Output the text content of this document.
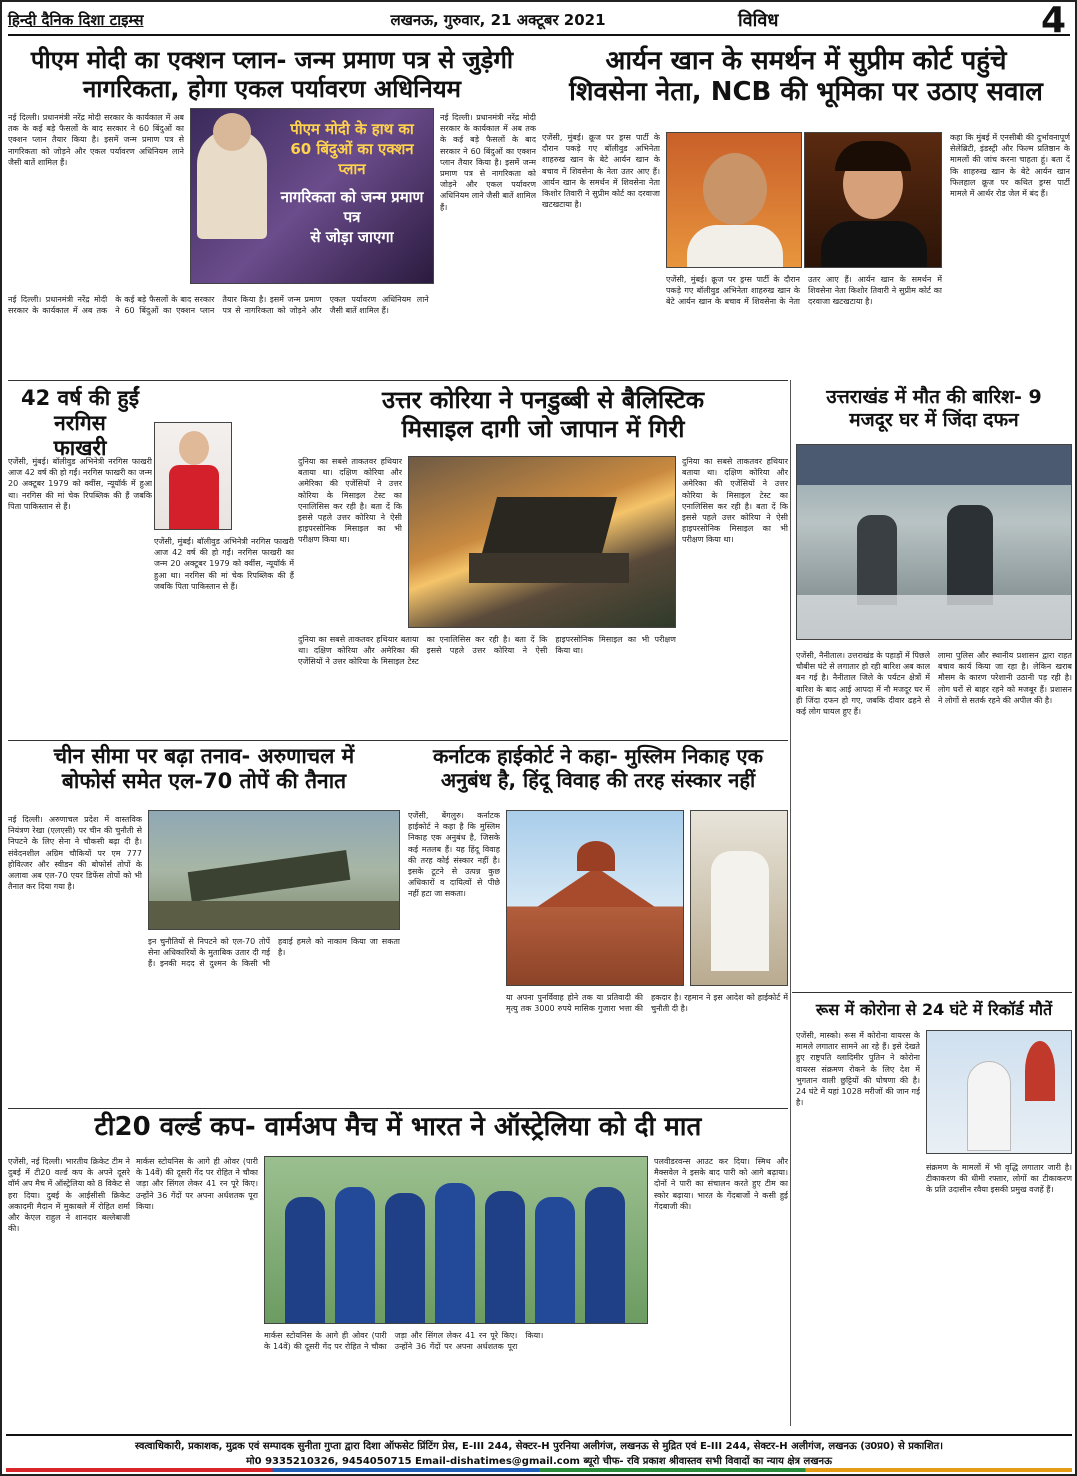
हिन्दी दैनिक दिशा टाइम्स	लखनऊ, गुरुवार, 21 अक्टूबर 2021	विविध	4
पीएम मोदी का एक्शन प्लान- जन्म प्रमाण पत्र से जुड़ेगी
नागरिकता, होगा एकल पर्यावरण अधिनियम
नई दिल्ली। प्रधानमंत्री नरेंद्र मोदी सरकार के कार्यकाल में अब तक के कई बड़े फैसलों के बाद सरकार ने 60 बिंदुओं का एक्शन प्लान तैयार किया है। इसमें जन्म प्रमाण पत्र से नागरिकता को जोड़ने और एकल पर्यावरण अधिनियम लाने जैसी बातें शामिल हैं।
पीएम मोदी के हाथ का
60 बिंदुओं का एक्शन प्लान
नागरिकता को जन्म प्रमाण पत्र
से जोड़ा जाएगा
नई दिल्ली। प्रधानमंत्री नरेंद्र मोदी सरकार के कार्यकाल में अब तक के कई बड़े फैसलों के बाद सरकार ने 60 बिंदुओं का एक्शन प्लान तैयार किया है। इसमें जन्म प्रमाण पत्र से नागरिकता को जोड़ने और एकल पर्यावरण अधिनियम लाने जैसी बातें शामिल हैं।
नई दिल्ली। प्रधानमंत्री नरेंद्र मोदी सरकार के कार्यकाल में अब तक के कई बड़े फैसलों के बाद सरकार ने 60 बिंदुओं का एक्शन प्लान तैयार किया है। इसमें जन्म प्रमाण पत्र से नागरिकता को जोड़ने और एकल पर्यावरण अधिनियम लाने जैसी बातें शामिल हैं।
आर्यन खान के समर्थन में सुप्रीम कोर्ट पहुंचे
शिवसेना नेता, NCB की भूमिका पर उठाए सवाल
एजेंसी, मुंबई। क्रूज पर ड्रग्स पार्टी के दौरान पकड़े गए बॉलीवुड अभिनेता शाहरुख खान के बेटे आर्यन खान के बचाव में शिवसेना के नेता उतर आए हैं। आर्यन खान के समर्थन में शिवसेना नेता किशोर तिवारी ने सुप्रीम कोर्ट का दरवाजा खटखटाया है।
एजेंसी, मुंबई। क्रूज पर ड्रग्स पार्टी के दौरान पकड़े गए बॉलीवुड अभिनेता शाहरुख खान के बेटे आर्यन खान के बचाव में शिवसेना के नेता उतर आए हैं। आर्यन खान के समर्थन में शिवसेना नेता किशोर तिवारी ने सुप्रीम कोर्ट का दरवाजा खटखटाया है।
कहा कि मुंबई में एनसीबी की दुर्भावनापूर्ण सेलेब्रिटी, इंडस्ट्री और फिल्म प्रतिष्ठान के मामलों की जांच करना चाहता हूं। बता दें कि शाहरुख खान के बेटे आर्यन खान फिलहाल क्रूज पर कथित ड्रग्स पार्टी मामले में आर्थर रोड जेल में बंद हैं।
42 वर्ष की हुईं नरगिस
फाखरी
एजेंसी, मुंबई। बॉलीवुड अभिनेत्री नरगिस फाखरी आज 42 वर्ष की हो गईं। नरगिस फाखरी का जन्म 20 अक्टूबर 1979 को क्वींस, न्यूयॉर्क में हुआ था। नरगिस की मां चेक रिपब्लिक की हैं जबकि पिता पाकिस्तान से हैं।
एजेंसी, मुंबई। बॉलीवुड अभिनेत्री नरगिस फाखरी आज 42 वर्ष की हो गईं। नरगिस फाखरी का जन्म 20 अक्टूबर 1979 को क्वींस, न्यूयॉर्क में हुआ था। नरगिस की मां चेक रिपब्लिक की हैं जबकि पिता पाकिस्तान से हैं।
उत्तर कोरिया ने पनडुब्बी से बैलिस्टिक
मिसाइल दागी जो जापान में गिरी
दुनिया का सबसे ताकतवर हथियार बताया था। दक्षिण कोरिया और अमेरिका की एजेंसियों ने उत्तर कोरिया के मिसाइल टेस्ट का एनालिसिस कर रही है। बता दें कि इससे पहले उत्तर कोरिया ने ऐसी हाइपरसोनिक मिसाइल का भी परीक्षण किया था।
दुनिया का सबसे ताकतवर हथियार बताया था। दक्षिण कोरिया और अमेरिका की एजेंसियों ने उत्तर कोरिया के मिसाइल टेस्ट का एनालिसिस कर रही है। बता दें कि इससे पहले उत्तर कोरिया ने ऐसी हाइपरसोनिक मिसाइल का भी परीक्षण किया था।
दुनिया का सबसे ताकतवर हथियार बताया था। दक्षिण कोरिया और अमेरिका की एजेंसियों ने उत्तर कोरिया के मिसाइल टेस्ट का एनालिसिस कर रही है। बता दें कि इससे पहले उत्तर कोरिया ने ऐसी हाइपरसोनिक मिसाइल का भी परीक्षण किया था।
उत्तराखंड में मौत की बारिश- 9
मजदूर घर में जिंदा दफन
एजेंसी, नैनीताल। उत्तराखंड के पहाड़ों में पिछले चौबीस घंटे से लगातार हो रही बारिश अब काल बन गई है। नैनीताल जिले के पर्यटन क्षेत्रों में बारिश के बाद आई आपदा में नौ मजदूर घर में ही जिंदा दफन हो गए, जबकि दीवार ढहने से कई लोग घायल हुए हैं।
लामा पुलिस और स्थानीय प्रशासन द्वारा राहत बचाव कार्य किया जा रहा है। लेकिन खराब मौसम के कारण परेशानी उठानी पड़ रही है। लोग घरों से बाहर रहने को मजबूर हैं। प्रशासन ने लोगों से सतर्क रहने की अपील की है।
रूस में कोरोना से 24 घंटे में रिकॉर्ड मौतें
एजेंसी, मास्को। रूस में कोरोना वायरस के मामले लगातार सामने आ रहे हैं। इसे देखते हुए राष्ट्रपति व्लादिमीर पुतिन ने कोरोना वायरस संक्रमण रोकने के लिए देश में भुगतान वाली छुट्टियों की घोषणा की है। 24 घंटे में यहां 1028 मरीजों की जान गई है।
संक्रमण के मामलों में भी वृद्धि लगातार जारी है। टीकाकरण की धीमी रफ्तार, लोगों का टीकाकरण के प्रति उदासीन रवैया इसकी प्रमुख वजहें हैं।
चीन सीमा पर बढ़ा तनाव- अरुणाचल में
बोफोर्स समेत एल-70 तोपें की तैनात
नई दिल्ली। अरुणाचल प्रदेश में वास्तविक नियंत्रण रेखा (एलएसी) पर चीन की चुनौती से निपटने के लिए सेना ने चौकसी बढ़ा दी है। संवेदनशील अग्रिम चौकियों पर एम 777 होवित्जर और स्वीडन की बोफोर्स तोपों के अलावा अब एल-70 एयर डिफेंस तोपों को भी तैनात कर दिया गया है।
इन चुनौतियों से निपटने को एल-70 तोपें सेना अधिकारियों के मुताबिक उतार दी गई हैं। इनकी मदद से दुश्मन के किसी भी हवाई हमले को नाकाम किया जा सकता है।
कर्नाटक हाईकोर्ट ने कहा- मुस्लिम निकाह एक
अनुबंध है, हिंदू विवाह की तरह संस्कार नहीं
एजेंसी, बेंगलुरु। कर्नाटक हाईकोर्ट ने कहा है कि मुस्लिम निकाह एक अनुबंध है, जिसके कई मतलब हैं। यह हिंदू विवाह की तरह कोई संस्कार नहीं है। इसके टूटने से उत्पन्न कुछ अधिकारों व दायित्वों से पीछे नहीं हटा जा सकता।
या अपना पुनर्विवाह होने तक या प्रतिवादी की मृत्यु तक 3000 रुपये मासिक गुजारा भत्ता की हकदार है। रहमान ने इस आदेश को हाईकोर्ट में चुनौती दी है।
टी20 वर्ल्ड कप- वार्मअप मैच में भारत ने ऑस्ट्रेलिया को दी मात
एजेंसी, नई दिल्ली। भारतीय क्रिकेट टीम ने दुबई में टी20 वर्ल्ड कप के अपने दूसरे वॉर्म अप मैच में ऑस्ट्रेलिया को 8 विकेट से हरा दिया। दुबई के आईसीसी क्रिकेट अकादमी मैदान में मुकाबले में रोहित शर्मा और केएल राहुल ने शानदार बल्लेबाजी की।
मार्कस स्टोयनिस के आगे ही ओवर (पारी के 14वें) की दूसरी गेंद पर रोहित ने चौका जड़ा और सिंगल लेकर 41 रन पूरे किए। उन्होंने 36 गेंदों पर अपना अर्धशतक पूरा किया।
मार्कस स्टोयनिस के आगे ही ओवर (पारी के 14वें) की दूसरी गेंद पर रोहित ने चौका जड़ा और सिंगल लेकर 41 रन पूरे किए। उन्होंने 36 गेंदों पर अपना अर्धशतक पूरा किया।
पलवीडरवन्स आउट कर दिया। स्मिथ और मैक्सवेल ने इसके बाद पारी को आगे बढ़ाया। दोनों ने पारी का संचालन करते हुए टीम का स्कोर बढ़ाया। भारत के गेंदबाजों ने कसी हुई गेंदबाजी की।
स्वत्वाधिकारी, प्रकाशक, मुद्रक एवं सम्पादक सुनीता गुप्ता द्वारा दिशा ऑफसेट प्रिंटिंग प्रेस, E-III 244, सेक्टर-H पुरनिया अलीगंज, लखनऊ से मुद्रित एवं E-III 244, सेक्टर-H अलीगंज, लखनऊ (उ0प्र0) से प्रकाशित।
मो0 9335210326, 9454050715 Email-dishatimes@gmail.com ब्यूरो चीफ- रवि प्रकाश श्रीवास्तव सभी विवादों का न्याय क्षेत्र लखनऊ
